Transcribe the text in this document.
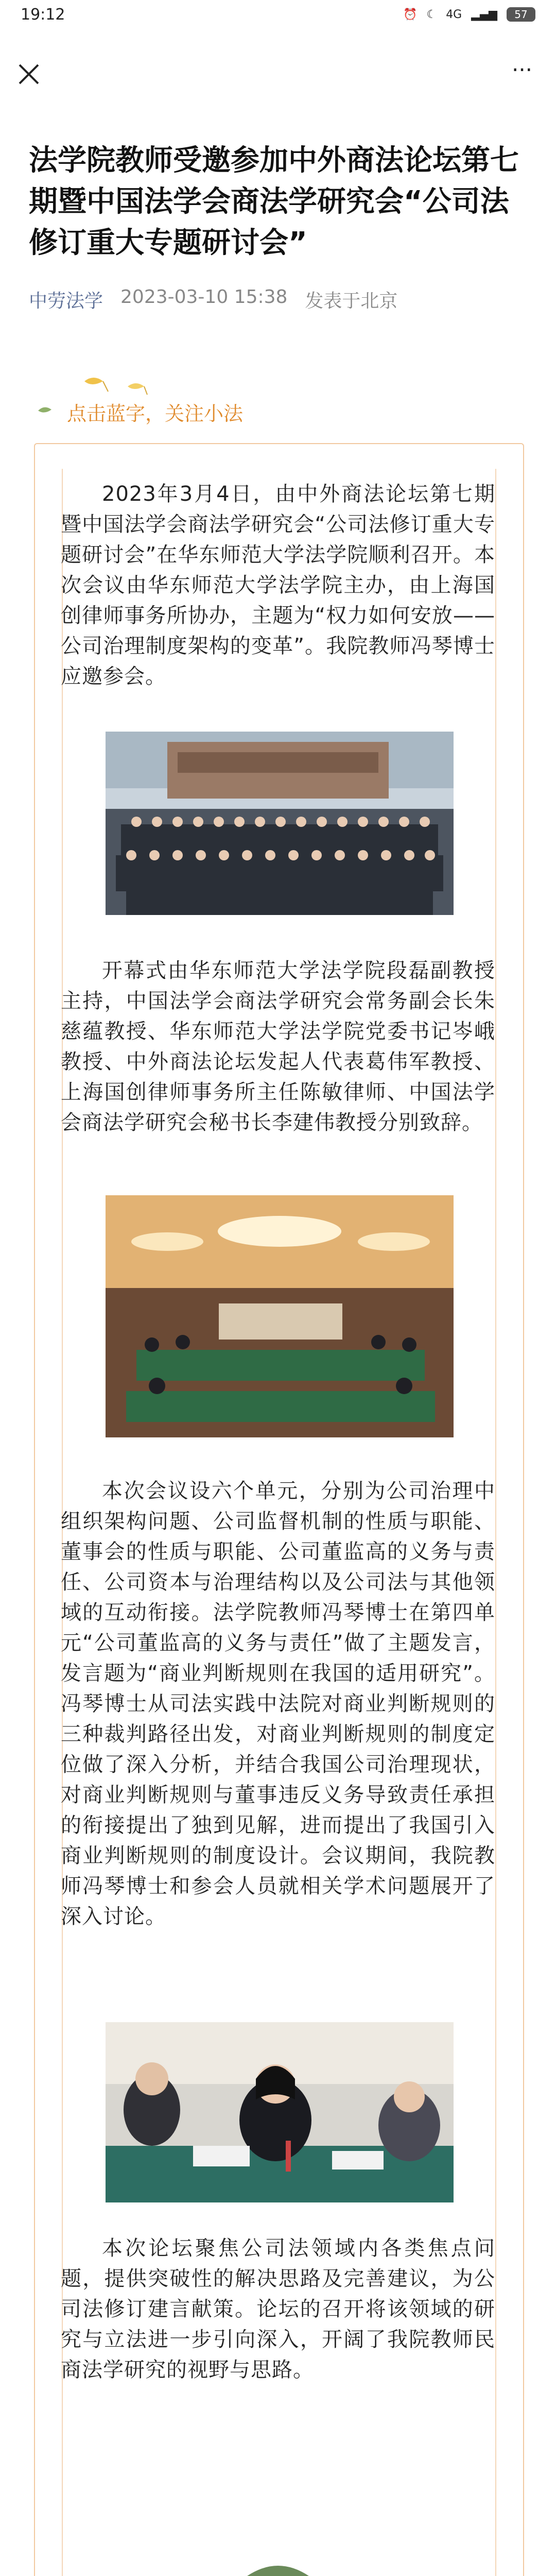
19:12	⏰ ☾ 4G ▂▄▆	57
···
法学院教师受邀参加中外商法论坛第七期暨中国法学会商法学研究会“公司法修订重大专题研讨会”
中劳法学 2023-03-10 15:38 发表于北京
点击蓝字，关注小法
2023年3月4日，由中外商法论坛第七期暨中国法学会商法学研究会“公司法修订重大专题研讨会”在华东师范大学法学院顺利召开。本次会议由华东师范大学法学院主办，由上海国创律师事务所协办，主题为“权力如何安放——公司治理制度架构的变革”。我院教师冯琴博士应邀参会。
开幕式由华东师范大学法学院段磊副教授主持，中国法学会商法学研究会常务副会长朱慈蕴教授、华东师范大学法学院党委书记岑峨教授、中外商法论坛发起人代表葛伟军教授、上海国创律师事务所主任陈敏律师、中国法学会商法学研究会秘书长李建伟教授分别致辞。
本次会议设六个单元，分别为公司治理中组织架构问题、公司监督机制的性质与职能、董事会的性质与职能、公司董监高的义务与责任、公司资本与治理结构以及公司法与其他领域的互动衔接。法学院教师冯琴博士在第四单元“公司董监高的义务与责任”做了主题发言，发言题为“商业判断规则在我国的适用研究”。冯琴博士从司法实践中法院对商业判断规则的三种裁判路径出发，对商业判断规则的制度定位做了深入分析，并结合我国公司治理现状，对商业判断规则与董事违反义务导致责任承担的衔接提出了独到见解，进而提出了我国引入商业判断规则的制度设计。会议期间，我院教师冯琴博士和参会人员就相关学术问题展开了深入讨论。
本次论坛聚焦公司法领域内各类焦点问题，提供突破性的解决思路及完善建议，为公司法修订建言献策。论坛的召开将该领域的研究与立法进一步引向深入，开阔了我院教师民商法学研究的视野与思路。
